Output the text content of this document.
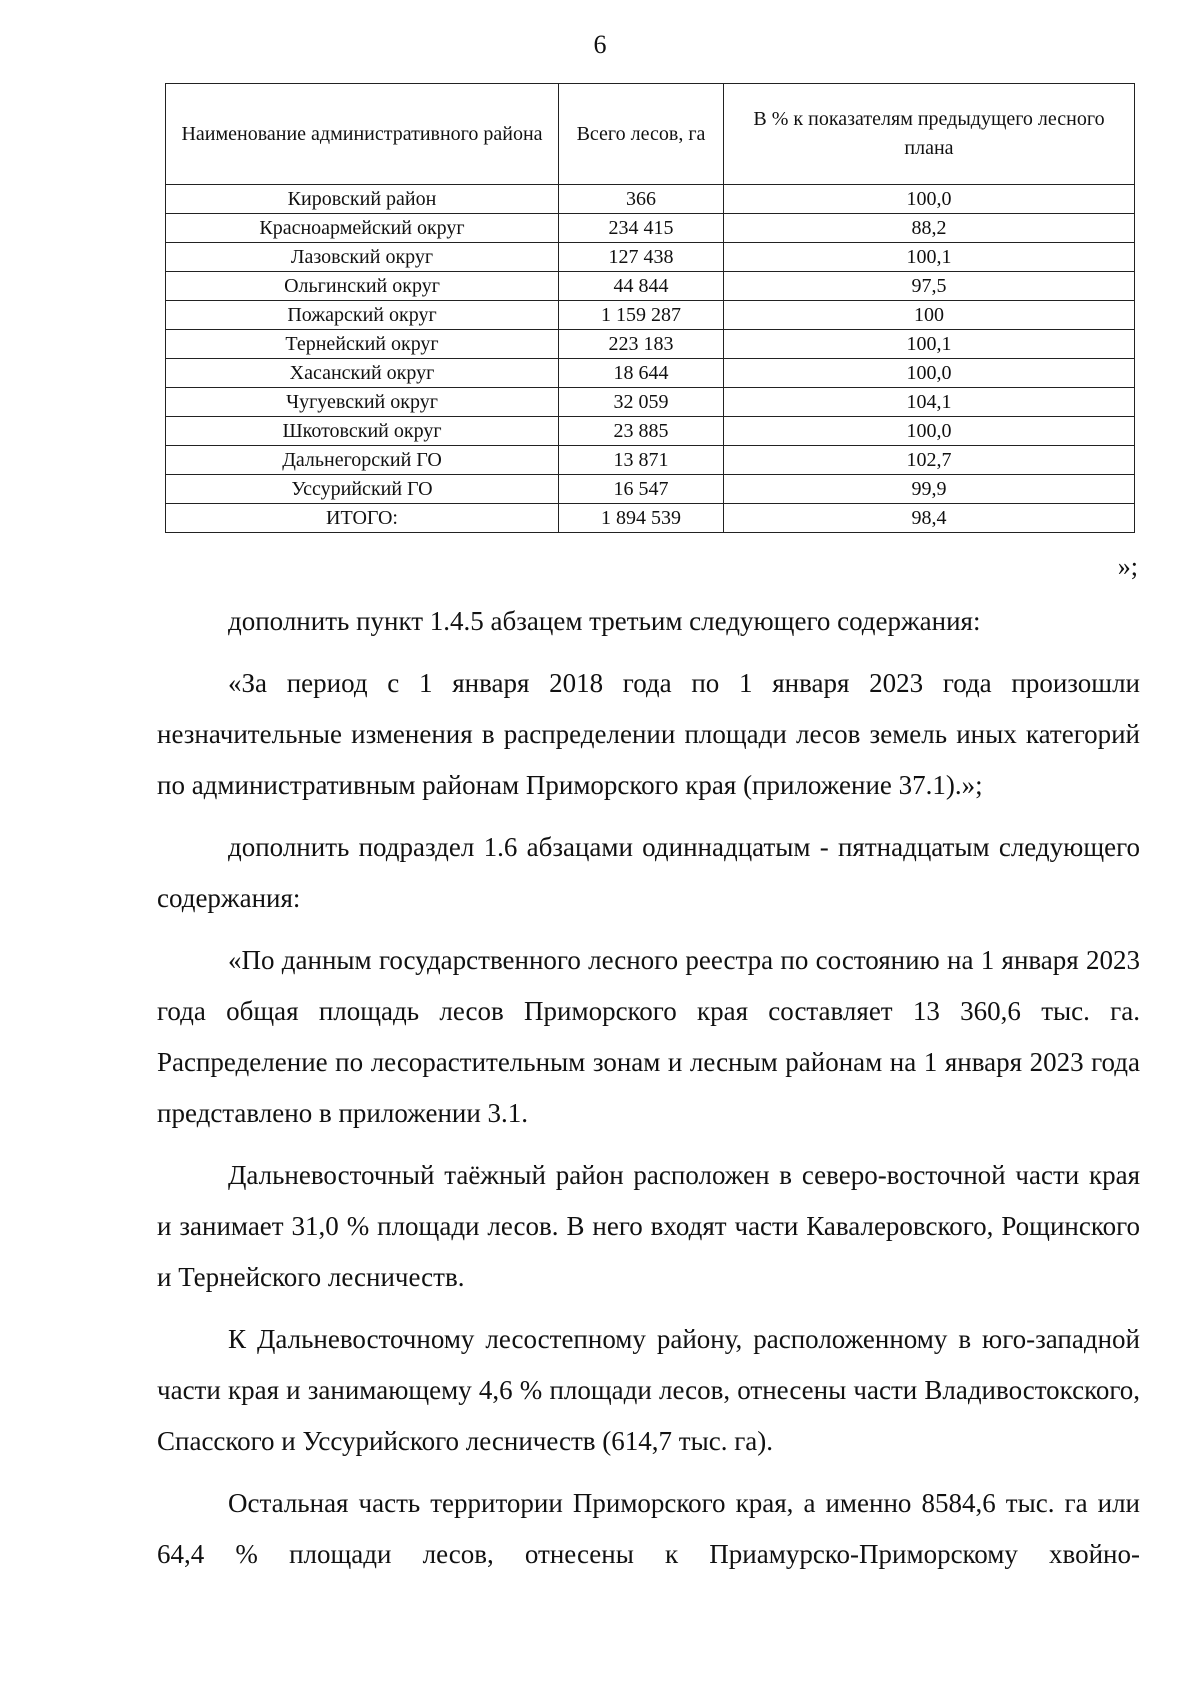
6
Наименование административного района	Всего лесов, га	В % к показателям предыдущего лесного плана
Кировский район	366	100,0
Красноармейский округ	234 415	88,2
Лазовский округ	127 438	100,1
Ольгинский округ	44 844	97,5
Пожарский округ	1 159 287	100
Тернейский округ	223 183	100,1
Хасанский округ	18 644	100,0
Чугуевский округ	32 059	104,1
Шкотовский округ	23 885	100,0
Дальнегорский ГО	13 871	102,7
Уссурийский ГО	16 547	99,9
ИТОГО:	1 894 539	98,4
»;

дополнить пункт 1.4.5 абзацем третьим следующего содержания:

«За период с 1 января 2018 года по 1 января 2023 года произошли незначительные изменения в распределении площади лесов земель иных категорий по административным районам Приморского края (приложение 37.1).»;

дополнить подраздел 1.6 абзацами одиннадцатым - пятнадцатым следующего содержания:

«По данным государственного лесного реестра по состоянию на 1 января 2023 года общая площадь лесов Приморского края составляет 13 360,6 тыс. га. Распределение по лесорастительным зонам и лесным районам на 1 января 2023 года представлено в приложении 3.1.

Дальневосточный таёжный район расположен в северо-восточной части края и занимает 31,0 % площади лесов. В него входят части Кавалеровского, Рощинского и Тернейского лесничеств.

К Дальневосточному лесостепному району, расположенному в юго-западной части края и занимающему 4,6 % площади лесов, отнесены части Владивостокского, Спасского и Уссурийского лесничеств (614,7 тыс. га).

Остальная часть территории Приморского края, а именно 8584,6 тыс. га или 64,4 % площади лесов, отнесены к Приамурско-Приморскому хвойно-
